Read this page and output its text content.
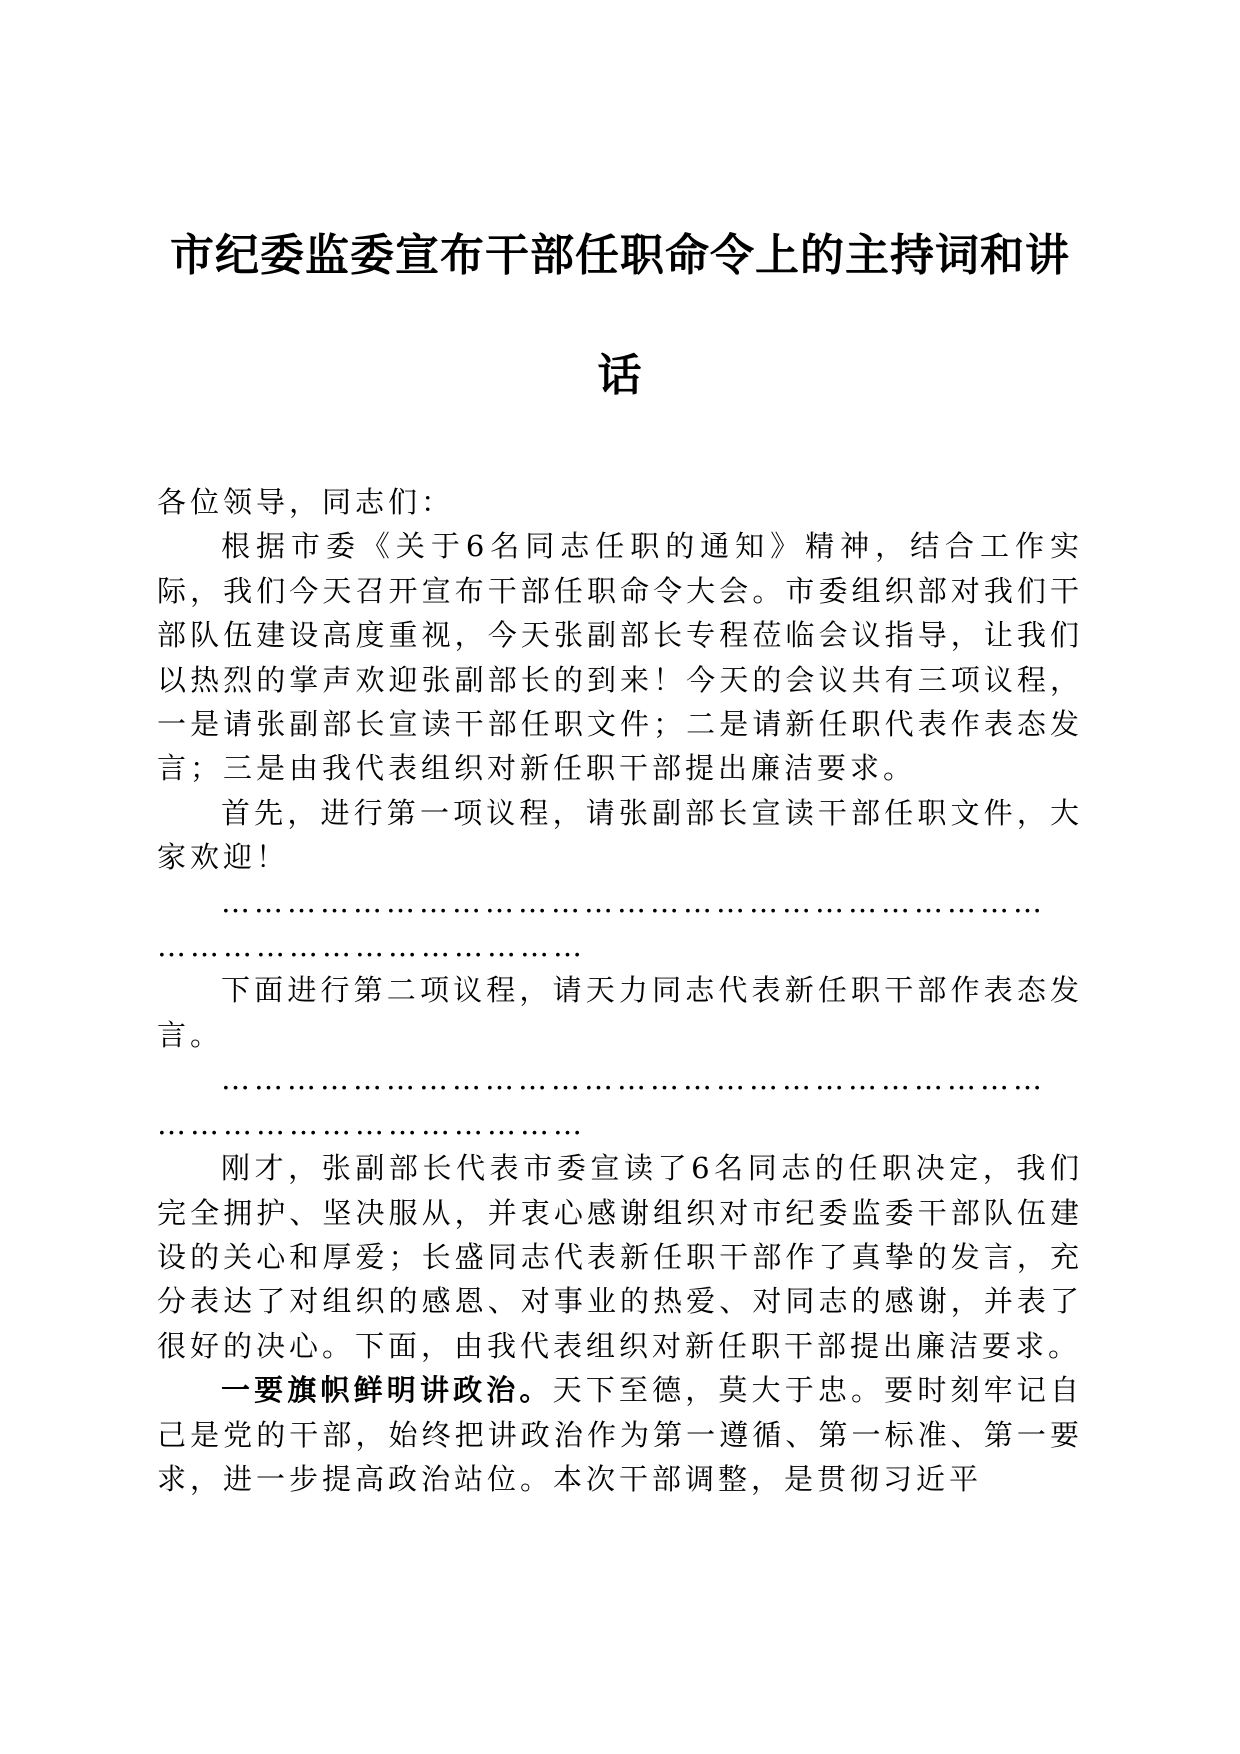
市纪委监委宣布干部任职命令上的主持词和讲
话

各位领导，同志们：

根据市委《关于6名同志任职的通知》精神，结合工作实际，我们今天召开宣布干部任职命令大会。市委组织部对我们干部队伍建设高度重视，今天张副部长专程莅临会议指导，让我们以热烈的掌声欢迎张副部长的到来！今天的会议共有三项议程，一是请张副部长宣读干部任职文件；二是请新任职代表作表态发言；三是由我代表组织对新任职干部提出廉洁要求。

首先，进行第一项议程，请张副部长宣读干部任职文件，大家欢迎！

…………………………………………………………………

…………………………………

下面进行第二项议程，请天力同志代表新任职干部作表态发言。

…………………………………………………………………

…………………………………

刚才，张副部长代表市委宣读了6名同志的任职决定，我们完全拥护、坚决服从，并衷心感谢组织对市纪委监委干部队伍建设的关心和厚爱；长盛同志代表新任职干部作了真挚的发言，充分表达了对组织的感恩、对事业的热爱、对同志的感谢，并表了很好的决心。下面，由我代表组织对新任职干部提出廉洁要求。

一要旗帜鲜明讲政治。天下至德，莫大于忠。要时刻牢记自己是党的干部，始终把讲政治作为第一遵循、第一标准、第一要求，进一步提高政治站位。本次干部调整，是贯彻习近平
